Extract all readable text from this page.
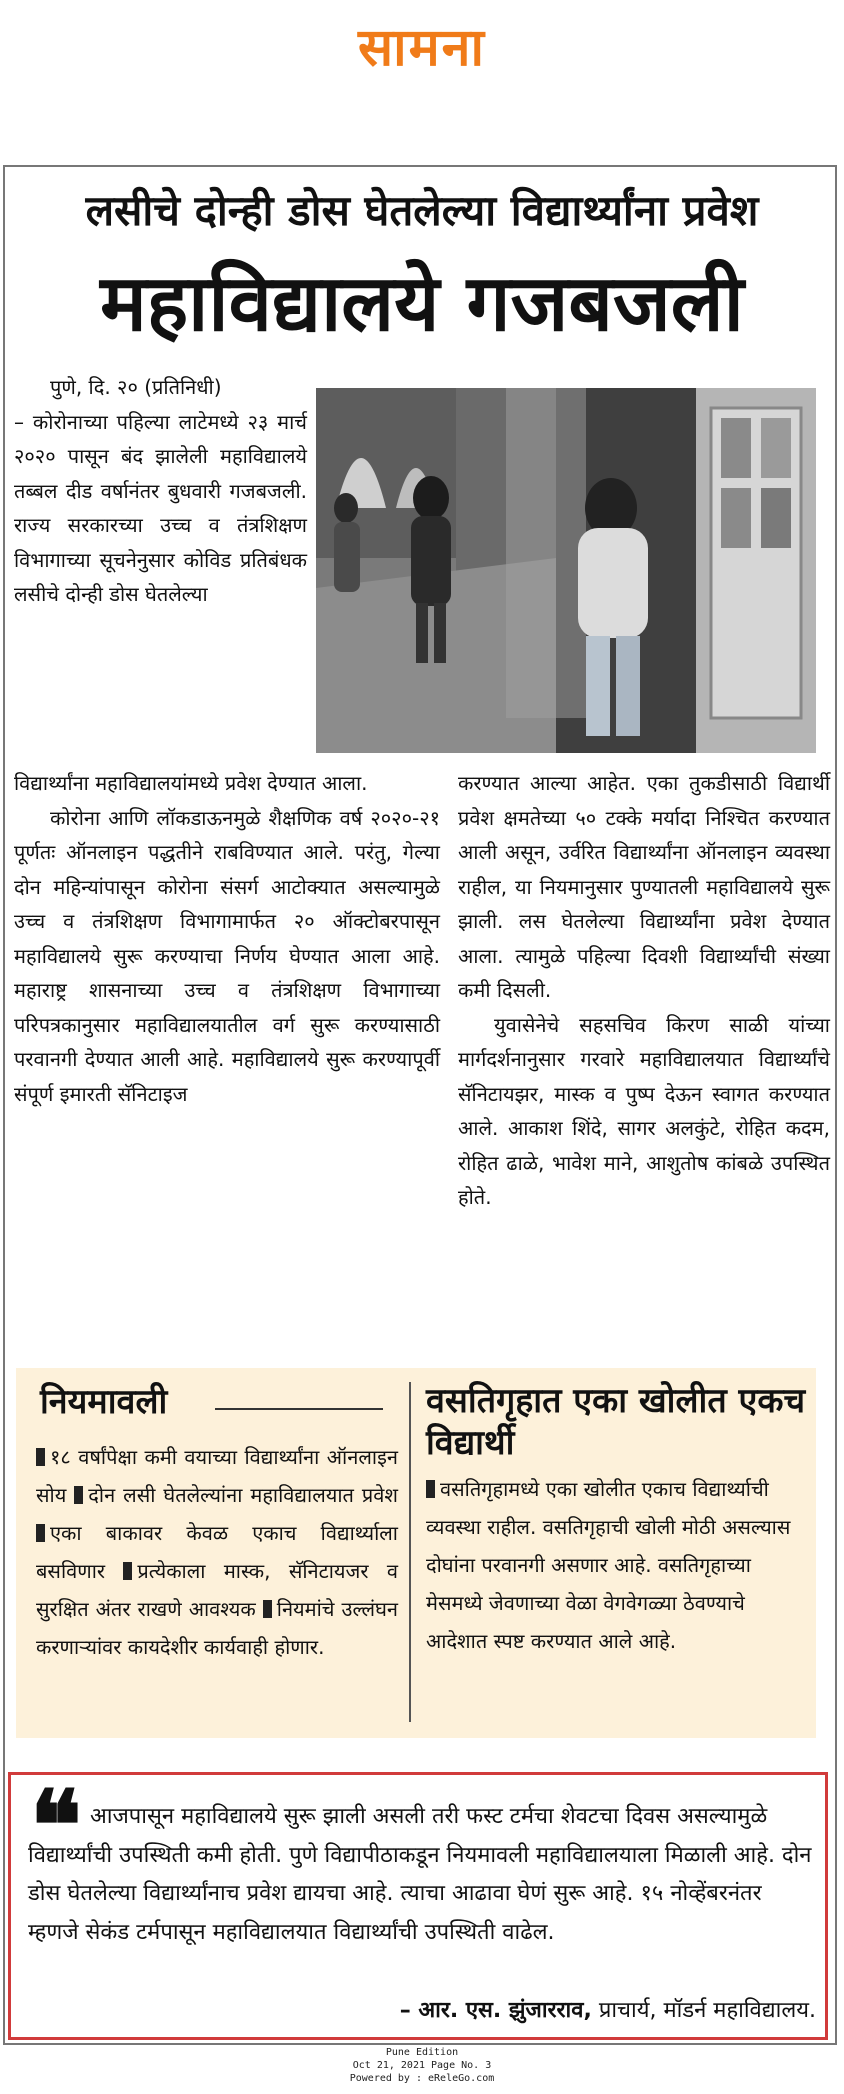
सामना
लसीचे दोन्ही डोस घेतलेल्या विद्यार्थ्यांना प्रवेश
महाविद्यालये गजबजली

पुणे, दि. २० (प्रतिनिधी)

– कोरोनाच्या पहिल्या लाटेमध्ये २३ मार्च २०२० पासून बंद झालेली महाविद्यालये तब्बल दीड वर्षानंतर बुधवारी गजबजली. राज्य सरकारच्या उच्च व तंत्रशिक्षण विभागाच्या सूचनेनुसार कोविड प्रतिबंधक लसीचे दोन्ही डोस घेतलेल्या

विद्यार्थ्यांना महाविद्यालयांमध्ये प्रवेश देण्यात आला.

कोरोना आणि लॉकडाऊनमुळे शैक्षणिक वर्ष २०२०-२१ पूर्णतः ऑनलाइन पद्धतीने राबविण्यात आले. परंतु, गेल्या दोन महिन्यांपासून कोरोना संसर्ग आटोक्यात असल्यामुळे उच्च व तंत्रशिक्षण विभागामार्फत २० ऑक्टोबरपासून महाविद्यालये सुरू करण्याचा निर्णय घेण्यात आला आहे. महाराष्ट्र शासनाच्या उच्च व तंत्रशिक्षण विभागाच्या परिपत्रकानुसार महाविद्यालयातील वर्ग सुरू करण्यासाठी परवानगी देण्यात आली आहे. महाविद्यालये सुरू करण्यापूर्वी संपूर्ण इमारती सॅनिटाइज

करण्यात आल्या आहेत. एका तुकडीसाठी विद्यार्थी प्रवेश क्षमतेच्या ५० टक्के मर्यादा निश्चित करण्यात आली असून, उर्वरित विद्यार्थ्यांना ऑनलाइन व्यवस्था राहील, या नियमानुसार पुण्यातली महाविद्यालये सुरू झाली. लस घेतलेल्या विद्यार्थ्यांना प्रवेश देण्यात आला. त्यामुळे पहिल्या दिवशी विद्यार्थ्यांची संख्या कमी दिसली.

युवासेनेचे सहसचिव किरण साळी यांच्या मार्गदर्शनानुसार गरवारे महाविद्यालयात विद्यार्थ्यांचे सॅनिटायझर, मास्क व पुष्प देऊन स्वागत करण्यात आले. आकाश शिंदे, सागर अलकुंटे, रोहित कदम, रोहित ढाळे, भावेश माने, आशुतोष कांबळे उपस्थित होते.

नियमावली
१८ वर्षांपेक्षा कमी वयाच्या विद्यार्थ्यांना ऑनलाइन सोय दोन लसी घेतलेल्यांना महाविद्यालयात प्रवेश एका बाकावर केवळ एकाच विद्यार्थ्याला बसविणार प्रत्येकाला मास्क, सॅनिटायजर व सुरक्षित अंतर राखणे आवश्यक नियमांचे उल्लंघन करणाऱ्यांवर कायदेशीर कार्यवाही होणार.
वसतिगृहात एका खोलीत एकच विद्यार्थी
वसतिगृहामध्ये एका खोलीत एकाच विद्यार्थ्याची व्यवस्था राहील. वसतिगृहाची खोली मोठी असल्यास दोघांना परवानगी असणार आहे. वसतिगृहाच्या मेसमध्ये जेवणाच्या वेळा वेगवेगळ्या ठेवण्याचे आदेशात स्पष्ट करण्यात आले आहे.
❝ आजपासून महाविद्यालये सुरू झाली असली तरी फस्ट टर्मचा शेवटचा दिवस असल्यामुळे विद्यार्थ्यांची उपस्थिती कमी होती. पुणे विद्यापीठाकडून नियमावली महाविद्यालयाला मिळाली आहे. दोन डोस घेतलेल्या विद्यार्थ्यांनाच प्रवेश द्यायचा आहे. त्याचा आढावा घेणं सुरू आहे. १५ नोव्हेंबरनंतर म्हणजे सेकंड टर्मपासून महाविद्यालयात विद्यार्थ्यांची उपस्थिती वाढेल.
– आर. एस. झुंजारराव, प्राचार्य, मॉडर्न महाविद्यालय.
Pune Edition
Oct 21, 2021 Page No. 3
Powered by : eReleGo.com
